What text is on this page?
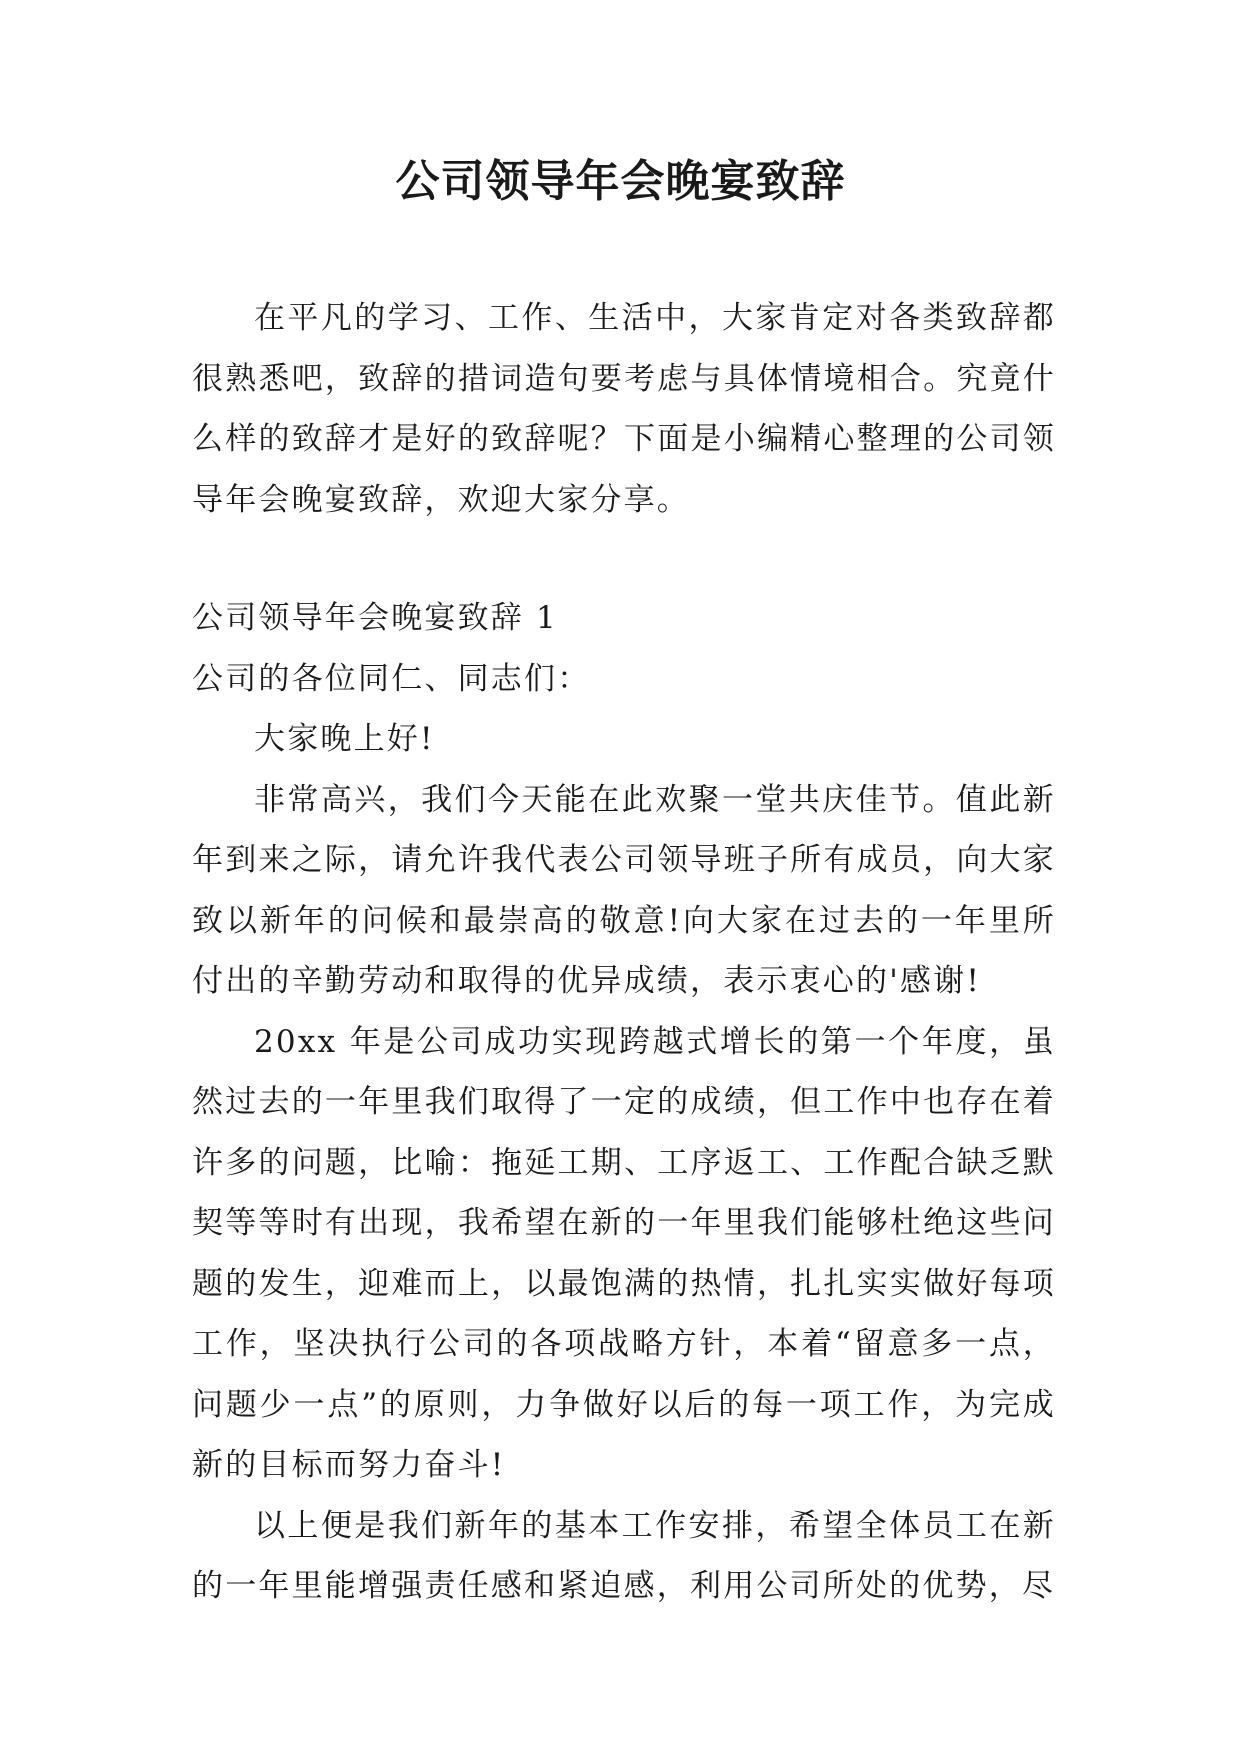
公司领导年会晚宴致辞

在平凡的学习、工作、生活中，大家肯定对各类致辞都很熟悉吧，致辞的措词造句要考虑与具体情境相合。究竟什么样的致辞才是好的致辞呢？下面是小编精心整理的公司领导年会晚宴致辞，欢迎大家分享。

公司领导年会晚宴致辞 1

公司的各位同仁、同志们：

大家晚上好!

非常高兴，我们今天能在此欢聚一堂共庆佳节。值此新年到来之际，请允许我代表公司领导班子所有成员，向大家致以新年的问候和最崇高的敬意!向大家在过去的一年里所付出的辛勤劳动和取得的优异成绩，表示衷心的'感谢!

20xx 年是公司成功实现跨越式增长的第一个年度，虽然过去的一年里我们取得了一定的成绩，但工作中也存在着许多的问题，比喻：拖延工期、工序返工、工作配合缺乏默契等等时有出现，我希望在新的一年里我们能够杜绝这些问题的发生，迎难而上，以最饱满的热情，扎扎实实做好每项工作，坚决执行公司的各项战略方针，本着“留意多一点，问题少一点”的原则，力争做好以后的每一项工作，为完成新的目标而努力奋斗!

以上便是我们新年的基本工作安排，希望全体员工在新的一年里能增强责任感和紧迫感，利用公司所处的优势，尽
